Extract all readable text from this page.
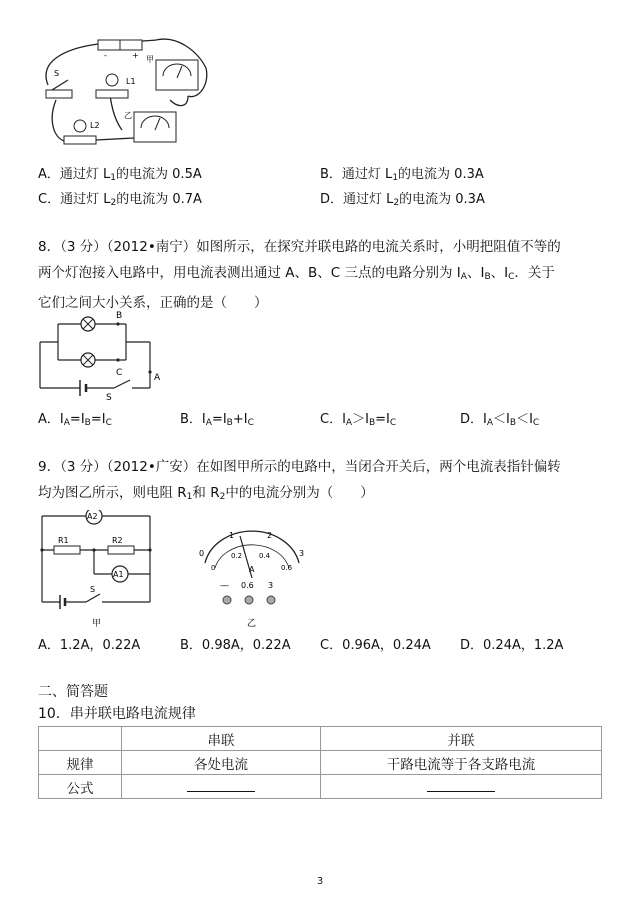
S
L1
L2
甲
乙
-	+
A．通过灯 $L_1$的电流为 0.5A	B．通过灯 $L_1$的电流为 0.3A
C．通过灯 $L_2$的电流为 0.7A	D．通过灯 $L_2$的电流为 0.3A
8．（3 分）（2012•南宁）如图所示，在探究并联电路的电流关系时，小明把阻值不等的
两个灯泡接入电路中，用电流表测出通过 A、B、C 三点的电路分别为 $I_A$、$I_B$、$I_C$．关于
它们之间大小关系，正确的是（　　）
B
C	A
S
A．$I_A=I_B=I_C$	B．$I_A=I_B+I_C$	C．$I_A>I_B=I_C$	D．$I_A<I_B<I_C$
9．（3 分）（2012•广安）在如图甲所示的电路中，当闭合开关后，两个电流表指针偏转
均为图乙所示，则电阻 $R_1$和 $R_2$中的电流分别为（　　）
A2
R1	R2
A1
S
甲
0
1	2
3
0
0.2 0.4
0.6
A
— 0.6 3
乙
A．1.2A，0.22A	B．0.98A，0.22A C．0.96A，0.24A D．0.24A，1.2A
二、简答题
10．串并联电路电流规律
	串联	并联
规律	各处电流	干路电流等于各支路电流
公式		
3
